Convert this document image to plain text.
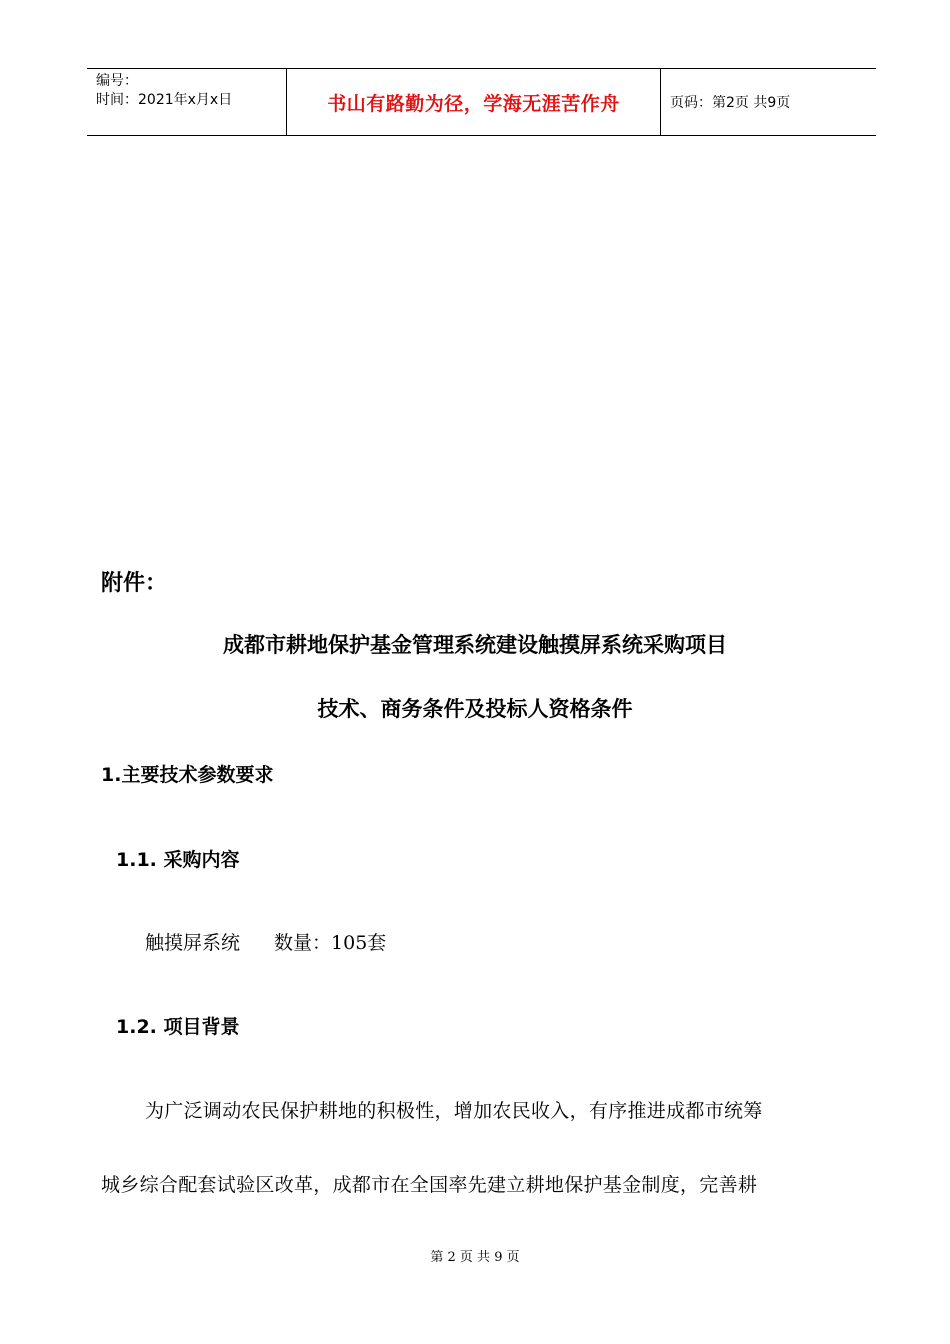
编号：
时间：2021年x月x日	书山有路勤为径，学海无涯苦作舟	页码：第2页 共9页
附件：
成都市耕地保护基金管理系统建设触摸屏系统采购项目
技术、商务条件及投标人资格条件
1.主要技术参数要求
1.1. 采购内容
触摸屏系统 数量：105套
1.2. 项目背景
为广泛调动农民保护耕地的积极性，增加农民收入，有序推进成都市统筹
城乡综合配套试验区改革，成都市在全国率先建立耕地保护基金制度，完善耕
第 2 页 共 9 页
